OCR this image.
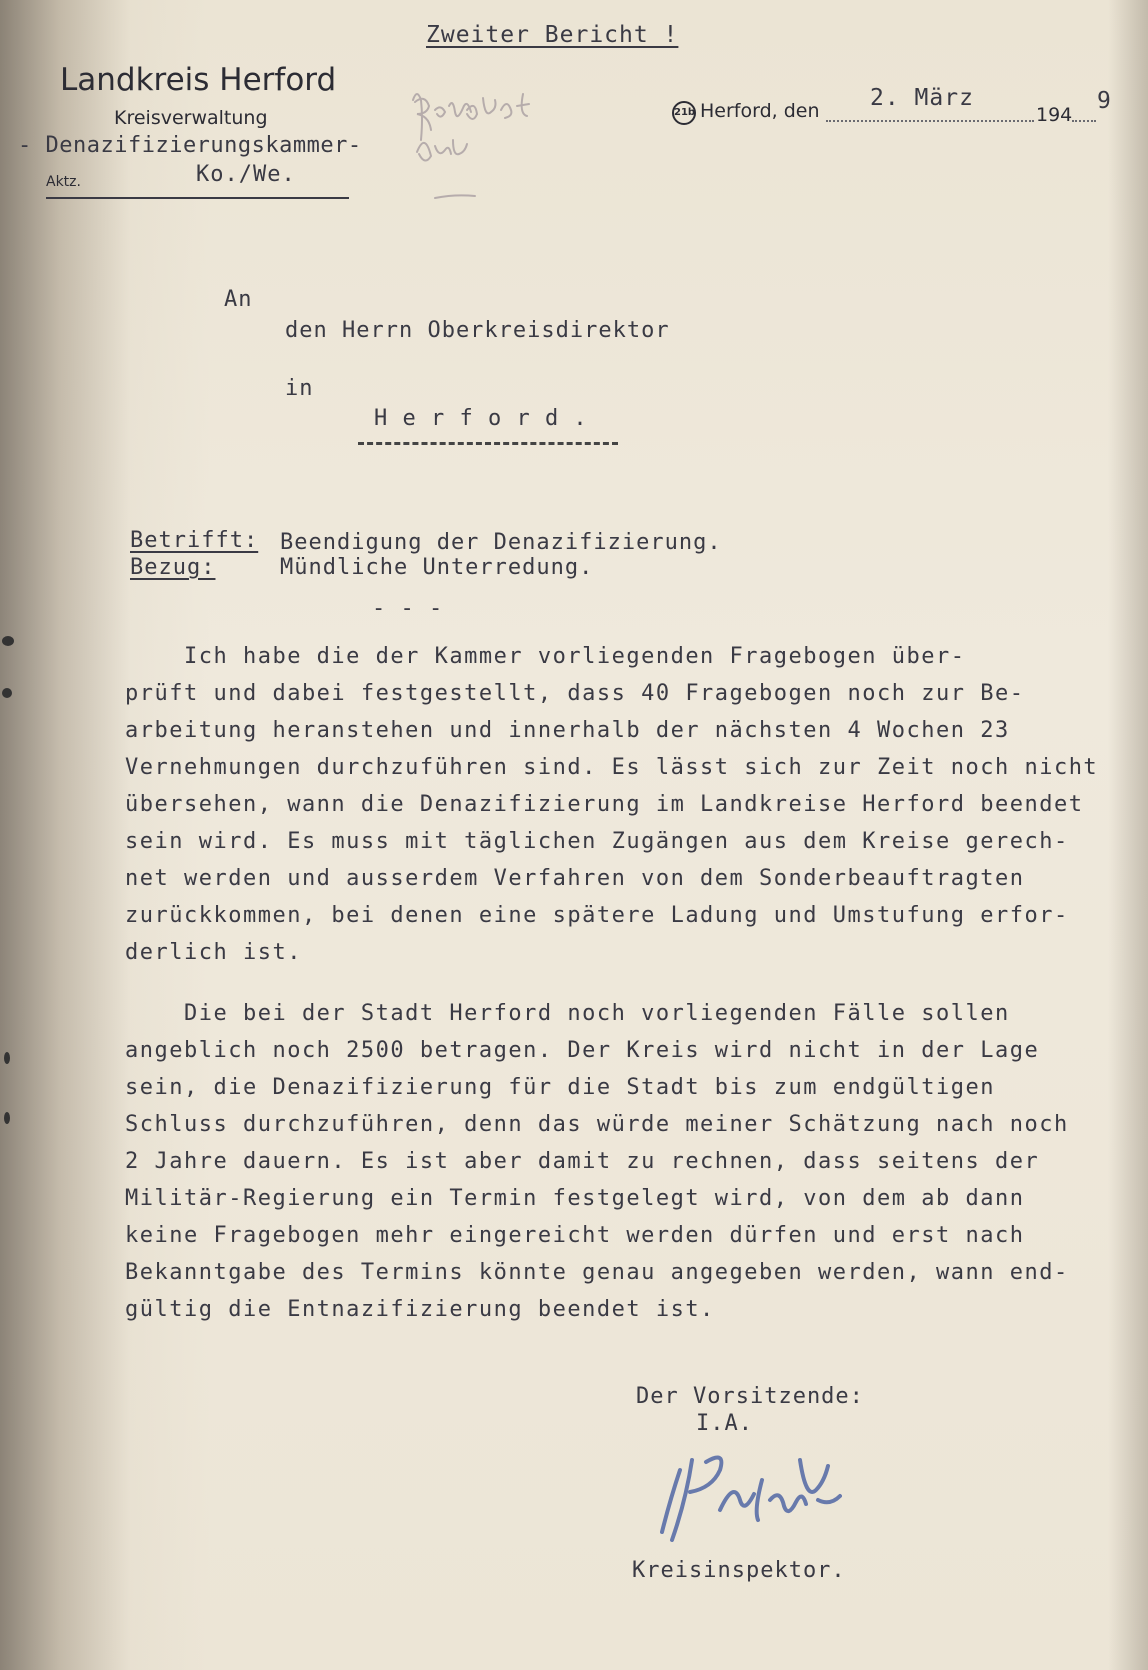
Zweiter Bericht !
Landkreis Herford
Kreisverwaltung
- Denazifizierungskammer-
Aktz.	Ko./We.
21b Herford, den 2. März
194
9
An
den Herrn Oberkreisdirektor
in
H e r f o r d .
Betrifft: Beendigung der Denazifizierung.
Bezug:	Mündliche Unterredung.
- - -
Ich habe die der Kammer vorliegenden Fragebogen über-
prüft und dabei festgestellt, dass 40 Fragebogen noch zur Be-
arbeitung heranstehen und innerhalb der nächsten 4 Wochen 23
Vernehmungen durchzuführen sind. Es lässt sich zur Zeit noch nicht
übersehen, wann die Denazifizierung im Landkreise Herford beendet
sein wird. Es muss mit täglichen Zugängen aus dem Kreise gerech-
net werden und ausserdem Verfahren von dem Sonderbeauftragten
zurückkommen, bei denen eine spätere Ladung und Umstufung erfor-
derlich ist.
Die bei der Stadt Herford noch vorliegenden Fälle sollen
angeblich noch 2500 betragen. Der Kreis wird nicht in der Lage
sein, die Denazifizierung für die Stadt bis zum endgültigen
Schluss durchzuführen, denn das würde meiner Schätzung nach noch
2 Jahre dauern. Es ist aber damit zu rechnen, dass seitens der
Militär-Regierung ein Termin festgelegt wird, von dem ab dann
keine Fragebogen mehr eingereicht werden dürfen und erst nach
Bekanntgabe des Termins könnte genau angegeben werden, wann end-
gültig die Entnazifizierung beendet ist.
Der Vorsitzende:
I.A.
Kreisinspektor.
